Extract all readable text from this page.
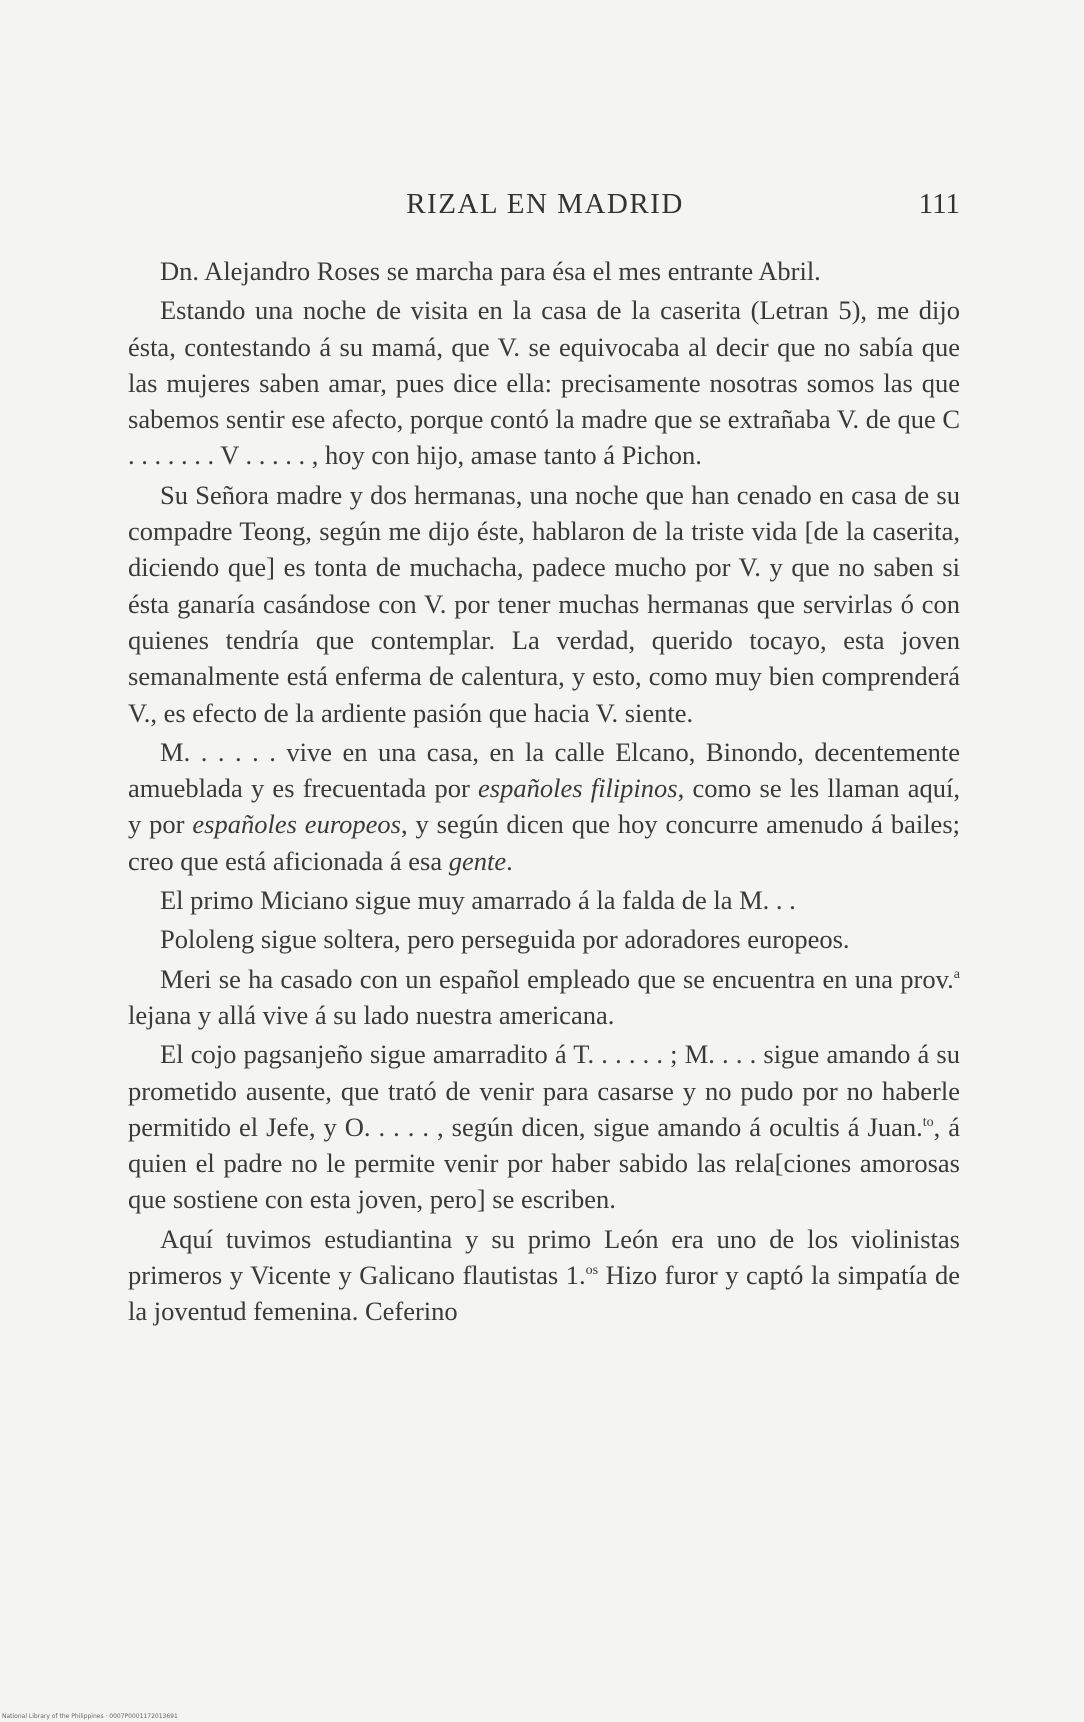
RIZAL EN MADRID	111

Dn. Alejandro Roses se marcha para ésa el mes entrante Abril.

Estando una noche de visita en la casa de la caserita (Letran 5), me dijo ésta, contestando á su mamá, que V. se equivocaba al decir que no sabía que las mujeres saben amar, pues dice ella: precisamente nosotras somos las que sabemos sentir ese afecto, porque contó la madre que se extrañaba V. de que C . . . . . . . V . . . . . , hoy con hijo, amase tanto á Pichon.

Su Señora madre y dos hermanas, una noche que han cenado en casa de su compadre Teong, según me dijo éste, hablaron de la triste vida [de la caserita, diciendo que] es tonta de muchacha, padece mucho por V. y que no saben si ésta ganaría casándose con V. por tener muchas hermanas que servirlas ó con quienes tendría que contemplar. La verdad, querido tocayo, esta joven semanalmente está enferma de calentura, y esto, como muy bien comprenderá V., es efecto de la ardiente pasión que hacia V. siente.

M. . . . . . vive en una casa, en la calle Elcano, Binondo, decentemente amueblada y es frecuentada por españoles filipinos, como se les llaman aquí, y por españoles europeos, y según dicen que hoy concurre amenudo á bailes; creo que está aficionada á esa gente.

El primo Miciano sigue muy amarrado á la falda de la M. . .

Pololeng sigue soltera, pero perseguida por adoradores europeos.

Meri se ha casado con un español empleado que se encuentra en una prov.$^a$ lejana y allá vive á su lado nuestra americana.

El cojo pagsanjeño sigue amarradito á T. . . . . . ; M. . . . sigue amando á su prometido ausente, que trató de venir para casarse y no pudo por no haberle permitido el Jefe, y O. . . . . , según dicen, sigue amando á ocultis á Juan.$^{to}$, á quien el padre no le permite venir por haber sabido las rela[ciones amorosas que sostiene con esta joven, pero] se escriben.

Aquí tuvimos estudiantina y su primo León era uno de los violinistas primeros y Vicente y Galicano flautistas 1.$^{os}$ Hizo furor y captó la simpatía de la joventud femenina. Ceferino

National Library of the Philippines · 0007P0001172013691
